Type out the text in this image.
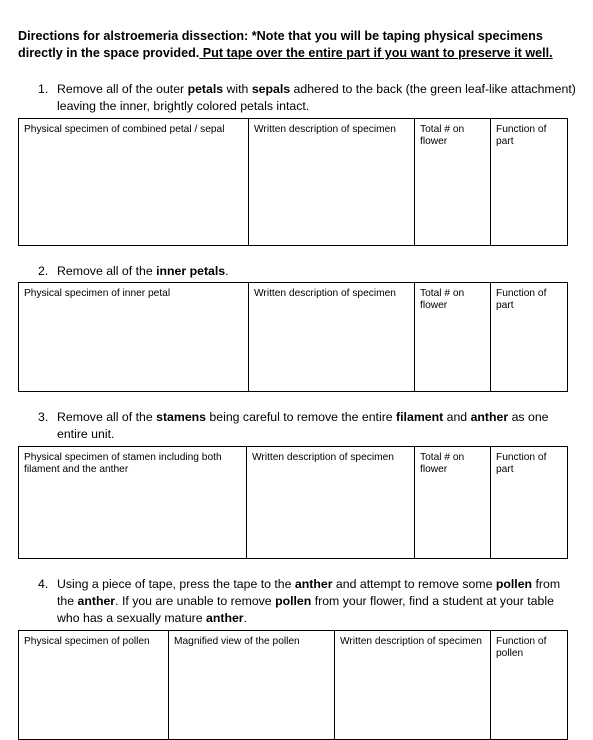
Directions for alstroemeria dissection: *Note that you will be taping physical specimens directly in the space provided. Put tape over the entire part if you want to preserve it well.
1. Remove all of the outer petals with sepals adhered to the back (the green leaf-like attachment) leaving the inner, brightly colored petals intact.
Physical specimen of combined petal / sepal	Written description of specimen	Total # on flower	Function of part
2. Remove all of the inner petals.
Physical specimen of inner petal	Written description of specimen	Total # on flower	Function of part
3. Remove all of the stamens being careful to remove the entire filament and anther as one entire unit.
Physical specimen of stamen including both filament and the anther	Written description of specimen	Total # on flower	Function of part
4. Using a piece of tape, press the tape to the anther and attempt to remove some pollen from the anther. If you are unable to remove pollen from your flower, find a student at your table who has a sexually mature anther.
Physical specimen of pollen	Magnified view of the pollen	Written description of specimen	Function of pollen
